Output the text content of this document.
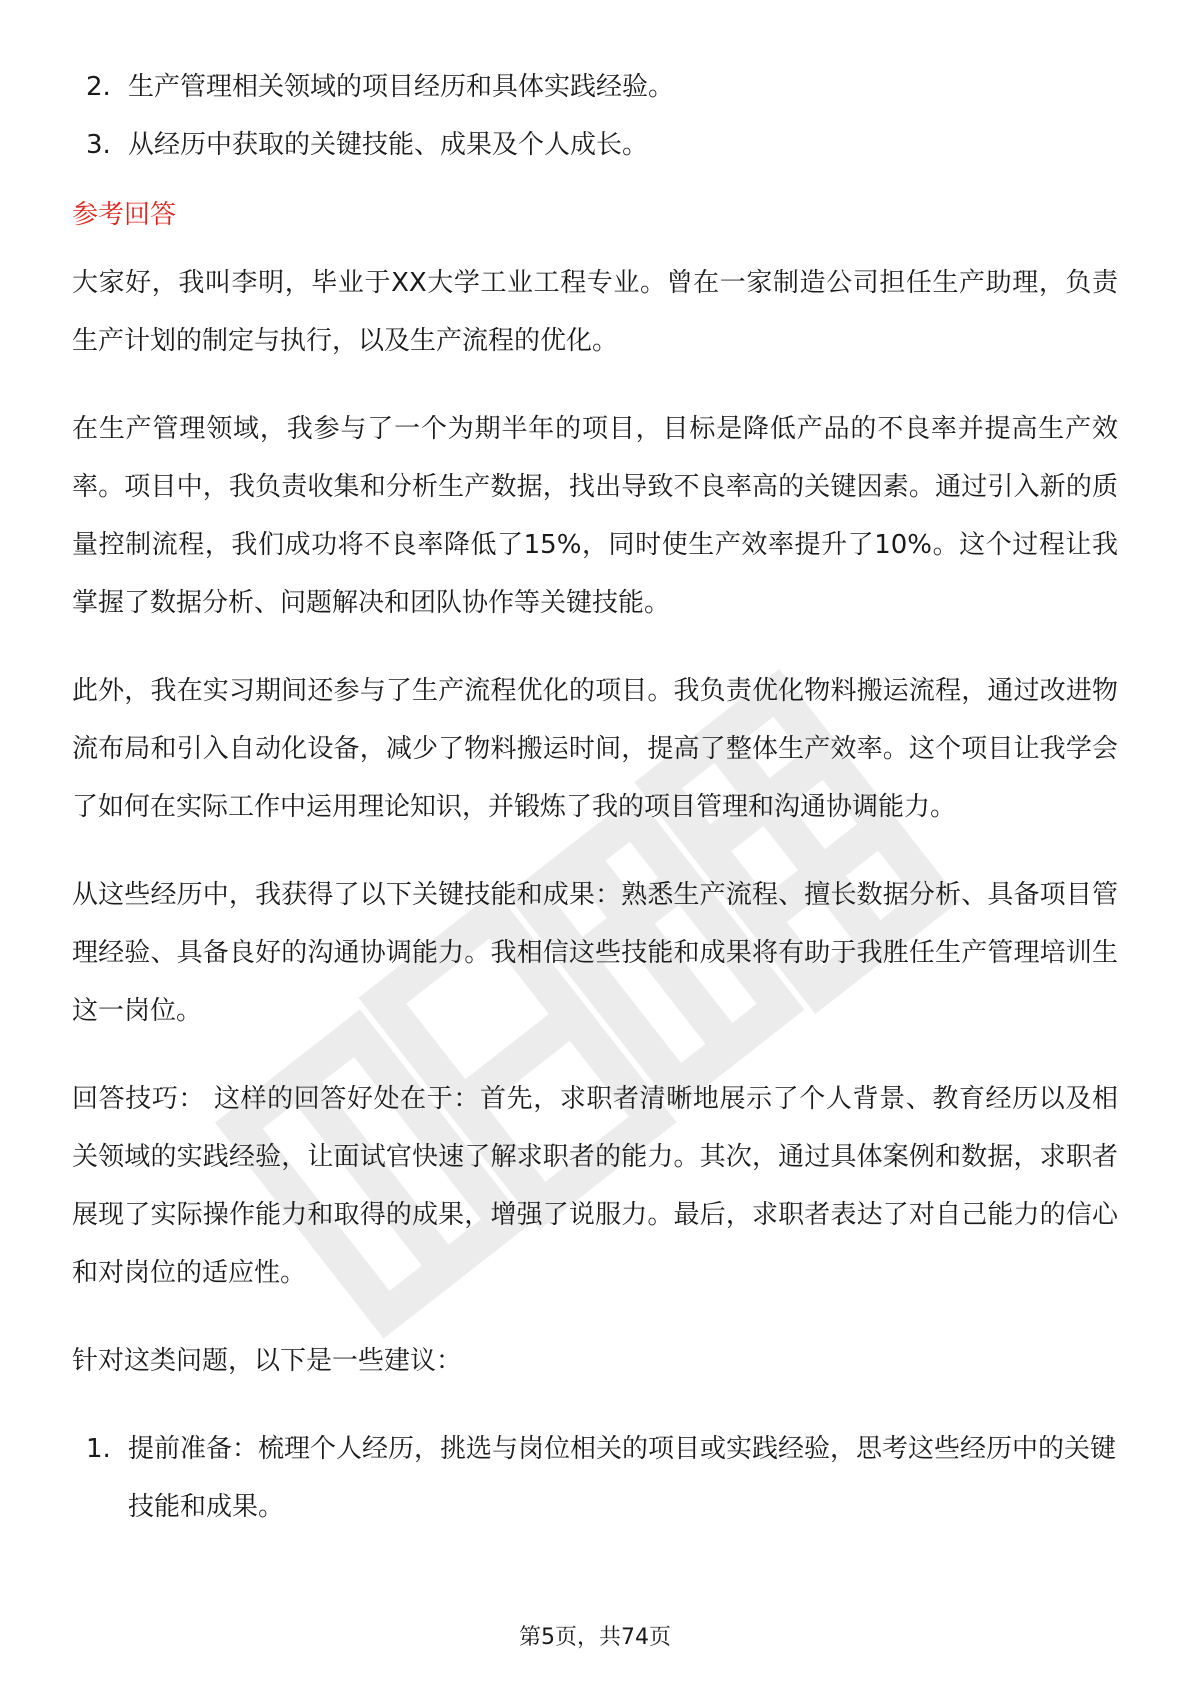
2. 生产管理相关领域的项目经历和具体实践经验。
3. 从经历中获取的关键技能、成果及个人成长。
参考回答

大家好，我叫李明，毕业于XX大学工业工程专业。曾在一家制造公司担任生产助理，负责生产计划的制定与执行，以及生产流程的优化。

在生产管理领域，我参与了一个为期半年的项目，目标是降低产品的不良率并提高生产效率。项目中，我负责收集和分析生产数据，找出导致不良率高的关键因素。通过引入新的质量控制流程，我们成功将不良率降低了15%，同时使生产效率提升了10%。这个过程让我掌握了数据分析、问题解决和团队协作等关键技能。

此外，我在实习期间还参与了生产流程优化的项目。我负责优化物料搬运流程，通过改进物流布局和引入自动化设备，减少了物料搬运时间，提高了整体生产效率。这个项目让我学会了如何在实际工作中运用理论知识，并锻炼了我的项目管理和沟通协调能力。

从这些经历中，我获得了以下关键技能和成果：熟悉生产流程、擅长数据分析、具备项目管理经验、具备良好的沟通协调能力。我相信这些技能和成果将有助于我胜任生产管理培训生这一岗位。

回答技巧： 这样的回答好处在于：首先，求职者清晰地展示了个人背景、教育经历以及相关领域的实践经验，让面试官快速了解求职者的能力。其次，通过具体案例和数据，求职者展现了实际操作能力和取得的成果，增强了说服力。最后，求职者表达了对自己能力的信心和对岗位的适应性。

针对这类问题，以下是一些建议：

1. 提前准备：梳理个人经历，挑选与岗位相关的项目或实践经验，思考这些经历中的关键技能和成果。
第5页，共74页
